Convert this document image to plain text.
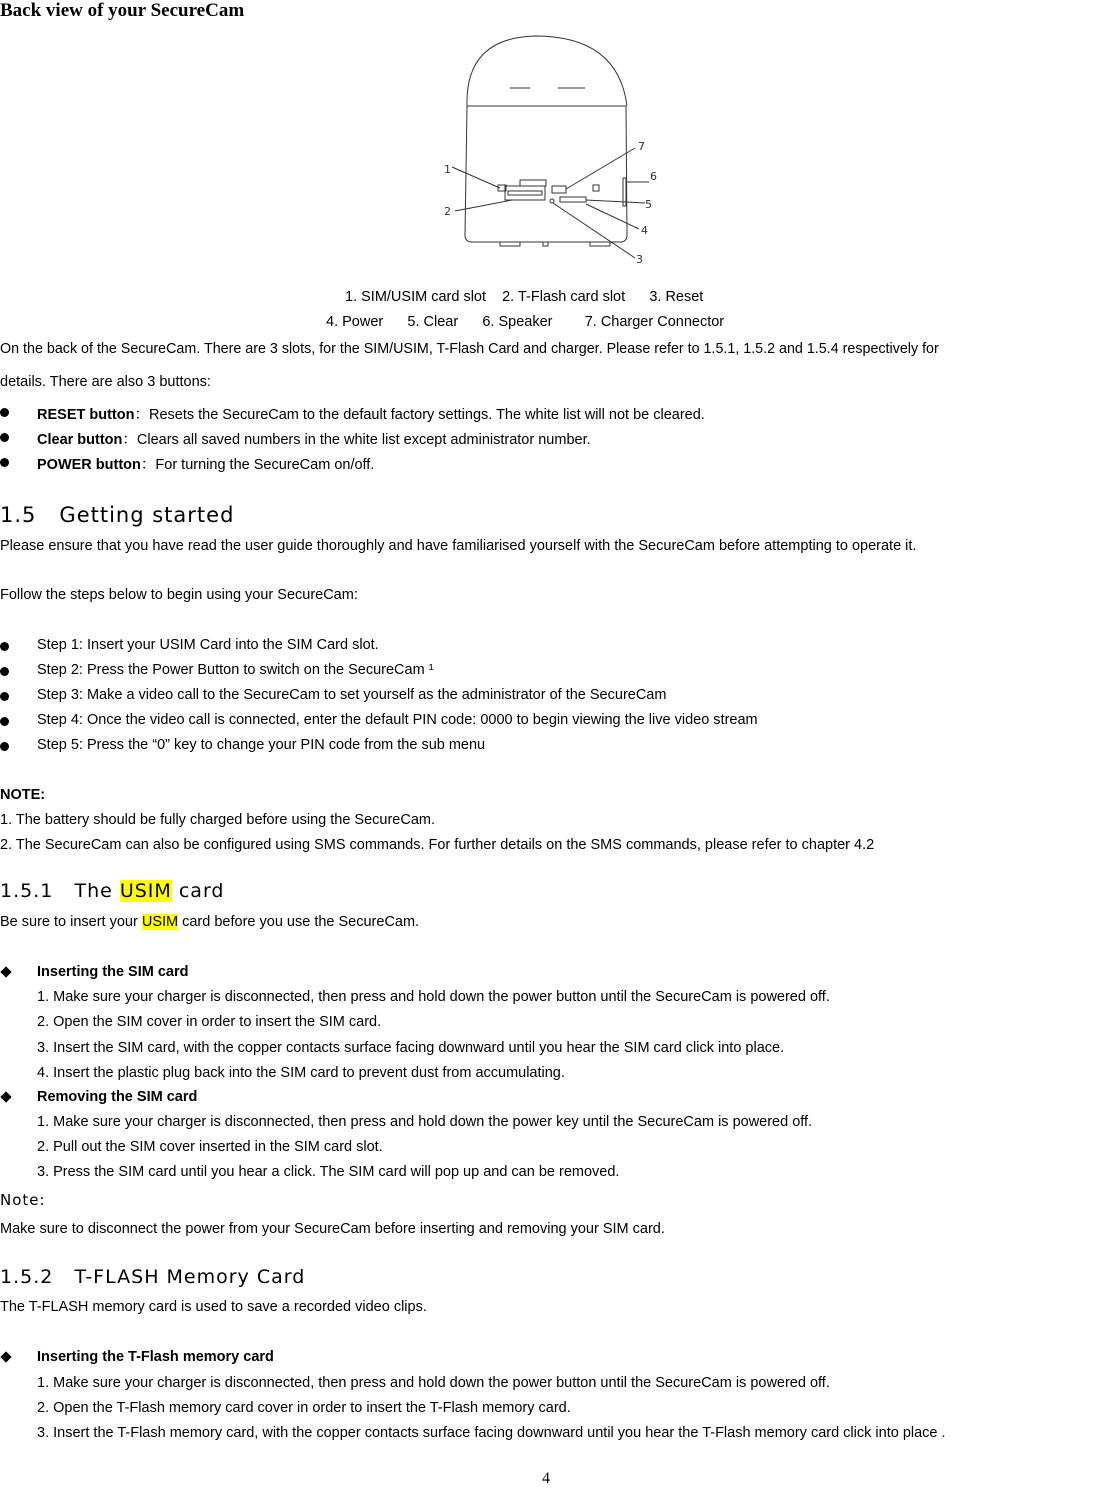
Back view of your SecureCam
1
2
3
4
5
6
7
1. SIM/USIM card slot    2. T-Flash card slot      3. Reset
4. Power      5. Clear      6. Speaker        7. Charger Connector
On the back of the SecureCam. There are 3 slots, for the SIM/USIM, T-Flash Card and charger. Please refer to 1.5.1, 1.5.2 and 1.5.4 respectively for
details. There are also 3 buttons:
RESET button：Resets the SecureCam to the default factory settings. The white list will not be cleared.
Clear button：Clears all saved numbers in the white list except administrator number.
POWER button：For turning the SecureCam on/off.
1.5   Getting started
Please ensure that you have read the user guide thoroughly and have familiarised yourself with the SecureCam before attempting to operate it.
Follow the steps below to begin using your SecureCam:
Step 1: Insert your USIM Card into the SIM Card slot.
Step 2: Press the Power Button to switch on the SecureCam ¹
Step 3: Make a video call to the SecureCam to set yourself as the administrator of the SecureCam
Step 4: Once the video call is connected, enter the default PIN code: 0000 to begin viewing the live video stream
Step 5: Press the “0” key to change your PIN code from the sub menu
NOTE:
1. The battery should be fully charged before using the SecureCam.
2. The SecureCam can also be configured using SMS commands. For further details on the SMS commands, please refer to chapter 4.2
1.5.1   The USIM card
Be sure to insert your USIM card before you use the SecureCam.
Inserting the SIM card
1. Make sure your charger is disconnected, then press and hold down the power button until the SecureCam is powered off.
2. Open the SIM cover in order to insert the SIM card.
3. Insert the SIM card, with the copper contacts surface facing downward until you hear the SIM card click into place.
4. Insert the plastic plug back into the SIM card to prevent dust from accumulating.
Removing the SIM card
1. Make sure your charger is disconnected, then press and hold down the power key until the SecureCam is powered off.
2. Pull out the SIM cover inserted in the SIM card slot.
3. Press the SIM card until you hear a click. The SIM card will pop up and can be removed.
Note:
Make sure to disconnect the power from your SecureCam before inserting and removing your SIM card.
1.5.2   T-FLASH Memory Card
The T-FLASH memory card is used to save a recorded video clips.
Inserting the T-Flash memory card
1. Make sure your charger is disconnected, then press and hold down the power button until the SecureCam is powered off.
2. Open the T-Flash memory card cover in order to insert the T-Flash memory card.
3. Insert the T-Flash memory card, with the copper contacts surface facing downward until you hear the T-Flash memory card click into place .
4
